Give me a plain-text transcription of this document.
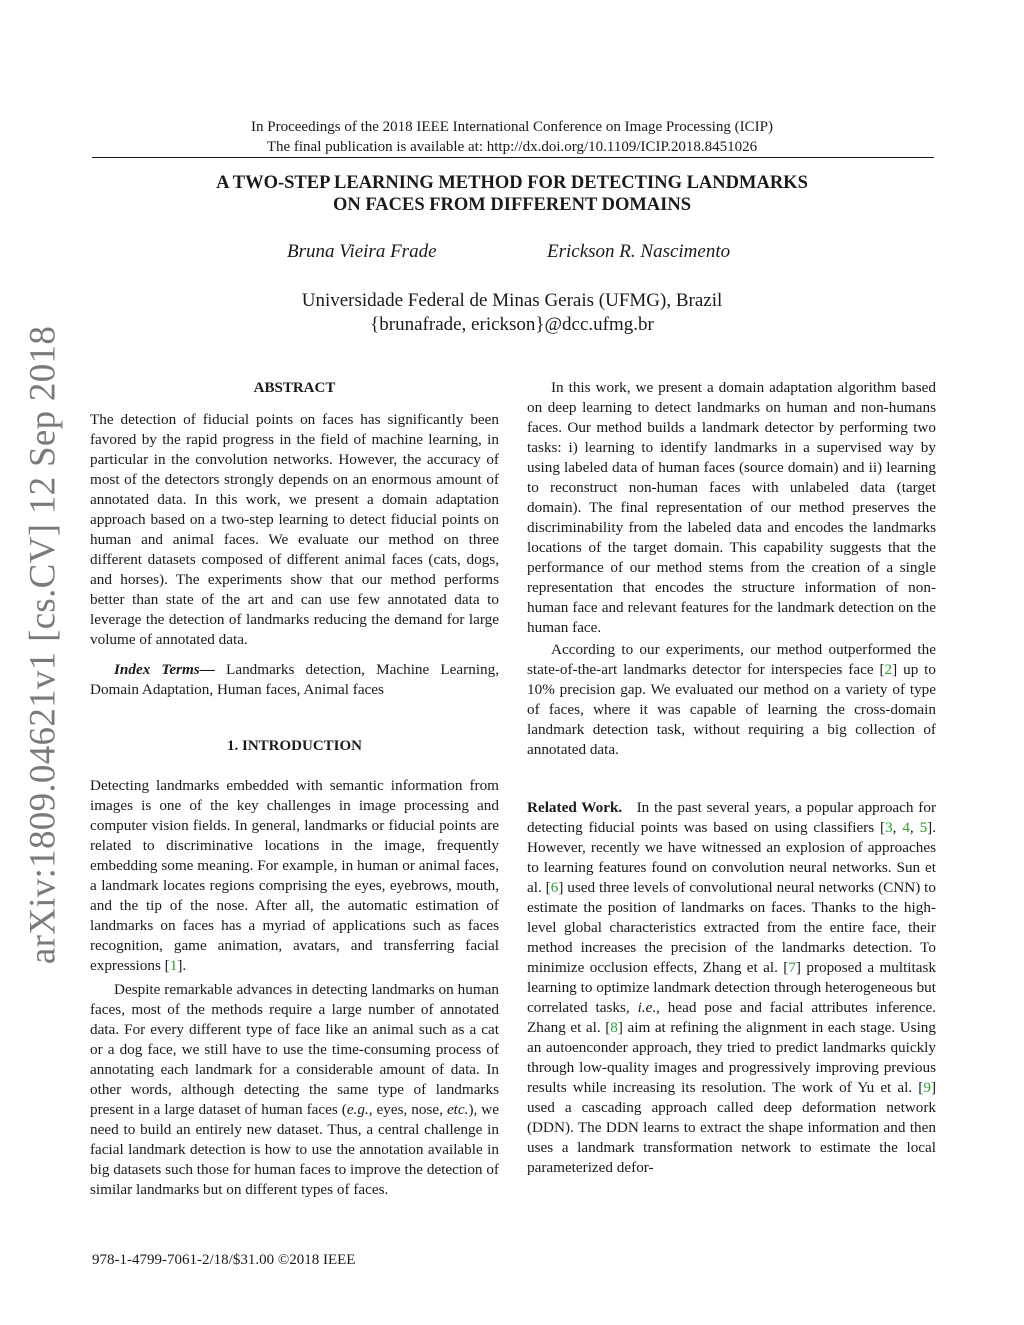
In Proceedings of the 2018 IEEE International Conference on Image Processing (ICIP)
The final publication is available at: http://dx.doi.org/10.1109/ICIP.2018.8451026
A TWO-STEP LEARNING METHOD FOR DETECTING LANDMARKS
ON FACES FROM DIFFERENT DOMAINS
Bruna Vieira Frade	Erickson R. Nascimento
Universidade Federal de Minas Gerais (UFMG), Brazil
{brunafrade, erickson}@dcc.ufmg.br
arXiv:1809.04621v1 [cs.CV] 12 Sep 2018	ABSTRACT

The detection of fiducial points on faces has significantly been favored by the rapid progress in the field of machine learning, in particular in the convolution networks. However, the accuracy of most of the detectors strongly depends on an enormous amount of annotated data. In this work, we present a domain adaptation approach based on a two-step learning to detect fiducial points on human and animal faces. We evaluate our method on three different datasets composed of different animal faces (cats, dogs, and horses). The experiments show that our method performs better than state of the art and can use few annotated data to leverage the detection of landmarks reducing the demand for large volume of annotated data.

Index Terms— Landmarks detection, Machine Learning, Domain Adaptation, Human faces, Animal faces

1. INTRODUCTION

Detecting landmarks embedded with semantic information from images is one of the key challenges in image processing and computer vision fields. In general, landmarks or fiducial points are related to discriminative locations in the image, frequently embedding some meaning. For example, in human or animal faces, a landmark locates regions comprising the eyes, eyebrows, mouth, and the tip of the nose. After all, the automatic estimation of landmarks on faces has a myriad of applications such as faces recognition, game animation, avatars, and transferring facial expressions [1].

Despite remarkable advances in detecting landmarks on human faces, most of the methods require a large number of annotated data. For every different type of face like an animal such as a cat or a dog face, we still have to use the time-consuming process of annotating each landmark for a considerable amount of data. In other words, although detecting the same type of landmarks present in a large dataset of human faces (e.g., eyes, nose, etc.), we need to build an entirely new dataset. Thus, a central challenge in facial landmark detection is how to use the annotation available in big datasets such those for human faces to improve the detection of similar landmarks but on different types of faces.

In this work, we present a domain adaptation algorithm based on deep learning to detect landmarks on human and non-humans faces. Our method builds a landmark detector by performing two tasks: i) learning to identify landmarks in a supervised way by using labeled data of human faces (source domain) and ii) learning to reconstruct non-human faces with unlabeled data (target domain). The final representation of our method preserves the discriminability from the labeled data and encodes the landmarks locations of the target domain. This capability suggests that the performance of our method stems from the creation of a single representation that encodes the structure information of non-human face and relevant features for the landmark detection on the human face.

According to our experiments, our method outperformed the state-of-the-art landmarks detector for interspecies face [2] up to 10% precision gap. We evaluated our method on a variety of type of faces, where it was capable of learning the cross-domain landmark detection task, without requiring a big collection of annotated data.

Related Work. In the past several years, a popular approach for detecting fiducial points was based on using classifiers [3, 4, 5]. However, recently we have witnessed an explosion of approaches to learning features found on convolution neural networks. Sun et al. [6] used three levels of convolutional neural networks (CNN) to estimate the position of landmarks on faces. Thanks to the high-level global characteristics extracted from the entire face, their method increases the precision of the landmarks detection. To minimize occlusion effects, Zhang et al. [7] proposed a multitask learning to optimize landmark detection through heterogeneous but correlated tasks, i.e., head pose and facial attributes inference. Zhang et al. [8] aim at refining the alignment in each stage. Using an autoenconder approach, they tried to predict landmarks quickly through low-quality images and progressively improving previous results while increasing its resolution. The work of Yu et al. [9] used a cascading approach called deep deformation network (DDN). The DDN learns to extract the shape information and then uses a landmark transformation network to estimate the local parameterized defor-

978-1-4799-7061-2/18/$31.00 ©2018 IEEE
